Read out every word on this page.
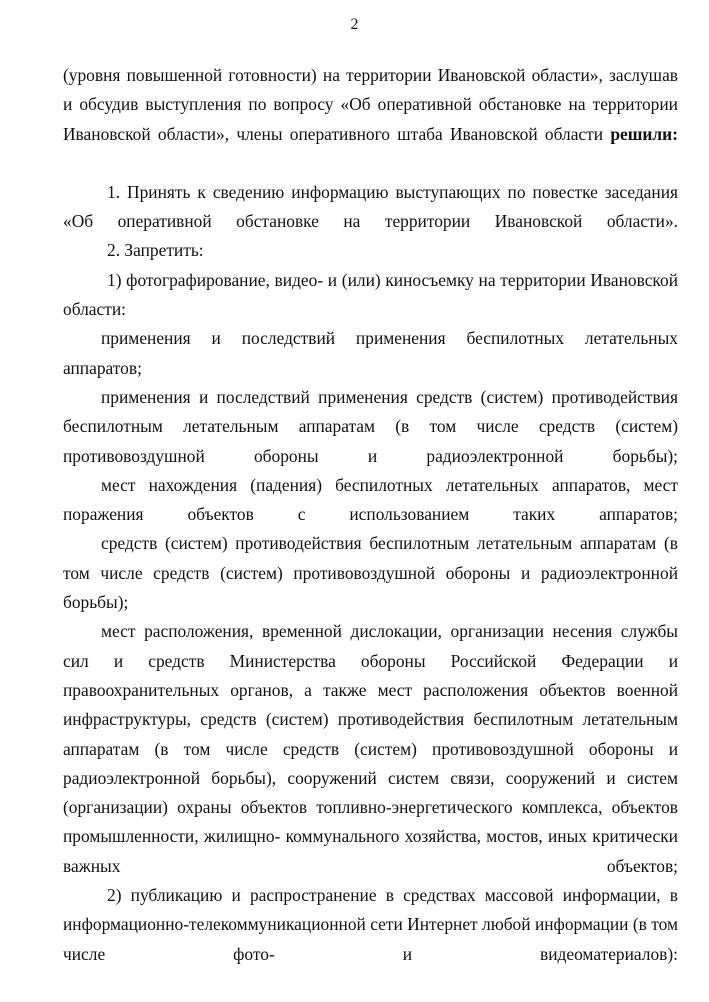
2

(уровня повышенной готовности) на территории Ивановской области», заслушав и обсудив выступления по вопросу «Об оперативной обстановке на территории Ивановской области», члены оперативного штаба Ивановской области решили:

1. Принять к сведению информацию выступающих по повестке заседания «Об оперативной обстановке на территории Ивановской области».

2. Запретить:

1) фотографирование, видео- и (или) киносъемку на территории Ивановской области:

применения и последствий применения беспилотных летательных аппаратов;

применения и последствий применения средств (систем) противодействия беспилотным летательным аппаратам (в том числе средств (систем) противовоздушной обороны и радиоэлектронной борьбы);

мест нахождения (падения) беспилотных летательных аппаратов, мест поражения объектов с использованием таких аппаратов;

средств (систем) противодействия беспилотным летательным аппаратам (в том числе средств (систем) противовоздушной обороны и радиоэлектронной борьбы);

мест расположения, временной дислокации, организации несения службы сил и средств Министерства обороны Российской Федерации и правоохранительных органов, а также мест расположения объектов военной инфраструктуры, средств (систем) противодействия беспилотным летательным аппаратам (в том числе средств (систем) противовоздушной обороны и радиоэлектронной борьбы), сооружений систем связи, сооружений и систем (организации) охраны объектов топливно-энергетического комплекса, объектов промышленности, жилищно- коммунального хозяйства, мостов, иных критически важных объектов;

2) публикацию и распространение в средствах массовой информации, в информационно-телекоммуникационной сети Интернет любой информации (в том числе фото- и видеоматериалов):
